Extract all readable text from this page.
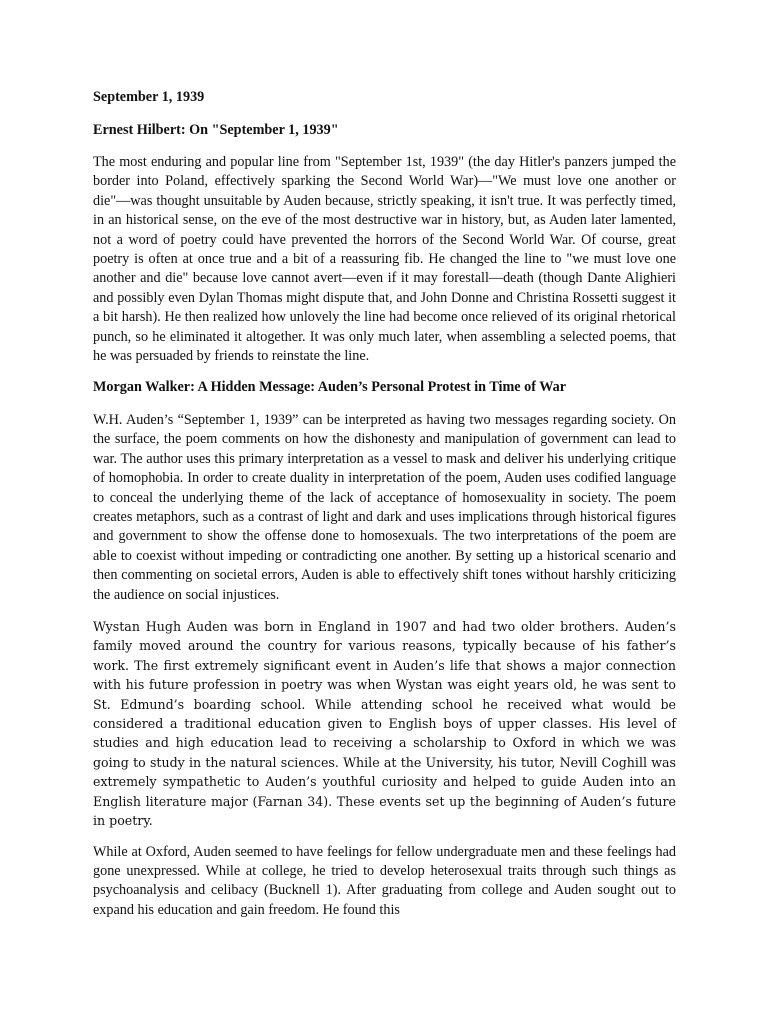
September 1, 1939
Ernest Hilbert: On "September 1, 1939"
The most enduring and popular line from "September 1st, 1939" (the day Hitler's panzers jumped the border into Poland, effectively sparking the Second World War)—"We must love one another or die"—was thought unsuitable by Auden because, strictly speaking, it isn't true. It was perfectly timed, in an historical sense, on the eve of the most destructive war in history, but, as Auden later lamented, not a word of poetry could have prevented the horrors of the Second World War. Of course, great poetry is often at once true and a bit of a reassuring fib. He changed the line to "we must love one another and die" because love cannot avert—even if it may forestall—death (though Dante Alighieri and possibly even Dylan Thomas might dispute that, and John Donne and Christina Rossetti suggest it a bit harsh). He then realized how unlovely the line had become once relieved of its original rhetorical punch, so he eliminated it altogether. It was only much later, when assembling a selected poems, that he was persuaded by friends to reinstate the line.
Morgan Walker: A Hidden Message: Auden’s Personal Protest in Time of War
W.H. Auden’s “September 1, 1939” can be interpreted as having two messages regarding society. On the surface, the poem comments on how the dishonesty and manipulation of government can lead to war. The author uses this primary interpretation as a vessel to mask and deliver his underlying critique of homophobia. In order to create duality in interpretation of the poem, Auden uses codified language to conceal the underlying theme of the lack of acceptance of homosexuality in society. The poem creates metaphors, such as a contrast of light and dark and uses implications through historical figures and government to show the offense done to homosexuals. The two interpretations of the poem are able to coexist without impeding or contradicting one another. By setting up a historical scenario and then commenting on societal errors, Auden is able to effectively shift tones without harshly criticizing the audience on social injustices.
Wystan Hugh Auden was born in England in 1907 and had two older brothers. Auden’s family moved around the country for various reasons, typically because of his father’s work. The first extremely significant event in Auden’s life that shows a major connection with his future profession in poetry was when Wystan was eight years old, he was sent to St. Edmund’s boarding school. While attending school he received what would be considered a traditional education given to English boys of upper classes. His level of studies and high education lead to receiving a scholarship to Oxford in which we was going to study in the natural sciences. While at the University, his tutor, Nevill Coghill was extremely sympathetic to Auden’s youthful curiosity and helped to guide Auden into an English literature major (Farnan 34). These events set up the beginning of Auden’s future in poetry.
While at Oxford, Auden seemed to have feelings for fellow undergraduate men and these feelings had gone unexpressed. While at college, he tried to develop heterosexual traits through such things as psychoanalysis and celibacy (Bucknell 1). After graduating from college and Auden sought out to expand his education and gain freedom. He found this
